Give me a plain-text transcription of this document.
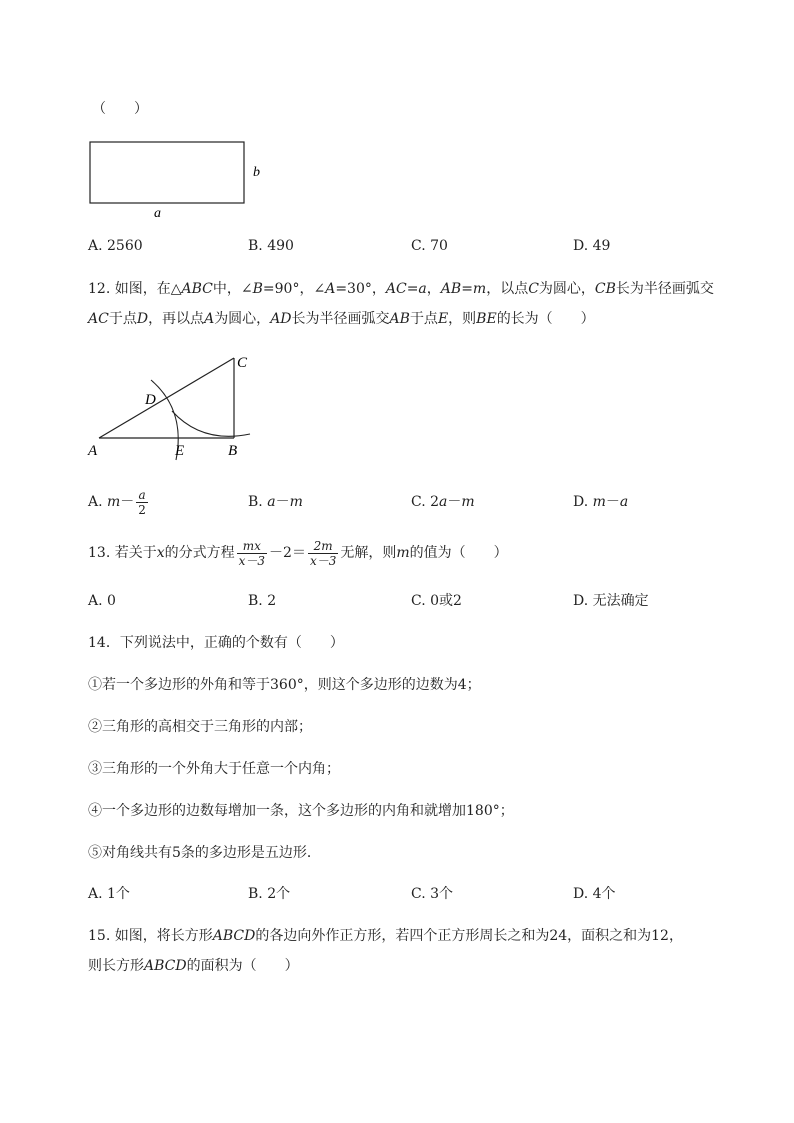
（　　）
b
a
A. 2560	B. 490	C. 70	D. 49
12. 如图，在△ABC中，∠B=90°，∠A=30°，AC=a，AB=m，以点C为圆心，CB长为半径画弧交
AC于点D，再以点A为圆心，AD长为半径画弧交AB于点E，则BE的长为（　　）
C
D
A	E	B
A. $m- \frac{a}{2}$	B. a－m	C. 2a－m	D. m－a
13. 若关于x的分式方程 $\frac{mx}{x-3} -2= \frac{2m}{x-3}$ 无解，则m的值为（　　）
A. 0	B. 2	C. 0或2	D. 无法确定
14．下列说法中，正确的个数有（　　）
①若一个多边形的外角和等于360°，则这个多边形的边数为4；
②三角形的高相交于三角形的内部；
③三角形的一个外角大于任意一个内角；
④一个多边形的边数每增加一条，这个多边形的内角和就增加180°；
⑤对角线共有5条的多边形是五边形．
A. 1个	B. 2个	C. 3个	D. 4个
15. 如图，将长方形ABCD的各边向外作正方形，若四个正方形周长之和为24，面积之和为12，
则长方形ABCD的面积为（　　）
